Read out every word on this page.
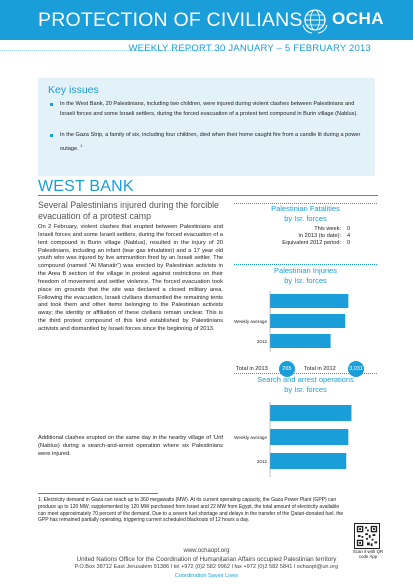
PROTECTION OF CIVILIANS OCHA
WEEKLY REPORT 30 JANUARY – 5 FEBRUARY 2013
Key issues
In the West Bank, 20 Palestinians, including two children, were injured during violent clashes between Palestinians and Israeli forces and some Israeli settlers, during the forced evacuation of a protest tent compound in Burin village (Nablus).
In the Gaza Strip, a family of six, including four children, died when their home caught fire from a candle lit during a power outage. $^1$
WEST BANK
Several Palestinians injured during the forcible evacuation of a protest camp
On 2 February, violent clashes that erupted between Palestinians and Israeli forces and some Israeli settlers, during the forced evacuation of a tent compound in Burin village (Nablus), resulted in the injury of 20 Palestinians, including an infant (tear gas inhalation) and a 17 year old youth who was injured by live ammunition fired by an Israeli settler. The compound (named “Al Manatir”) was erected by Palestinian activists in the Area B section of the village in protest against restrictions on their freedom of movement and settler violence. The forced evacuation took place on grounds that the site was declared a closed military area. Following the evacuation, Israeli civilians dismantled the remaining tents and took them and other items belonging to the Palestinian activists away; the identity or affiliation of these civilians remain unclear. This is the third protest compound of this kind established by Palestinians activists and dismantled by Israeli forces since the beginning of 2013.
Additional clashes erupted on the same day in the nearby village of ‘Urif (Nablus) during a search-and-arrest operation where six Palestinians were injured.
Palestinian Fatalities
by Isr. forces
This week: 0
In 2013 (to date): 4
Equivalent 2012 period: 0
Palestinian Injuries
by Isr. forces
Weekly average
2012
Total in 2013	265	Total in 2012 3,031
Search and arrest operations
by Isr. forces
Weekly average
2012
1. Electricity demand in Gaza can reach up to 360 megawatts (MW). At its current operating capacity, the Gaza Power Plant (GPP) can produce up to 120 MW; supplemented by 120 MW purchased from Israel and 22 MW from Egypt, the total amount of electricity available can meet approximately 70 percent of the demand. Due to a severe fuel shortage and delays in the transfer of the Qatari-donated fuel, the GPP has remained partially operating, triggering current scheduled blackouts of 12 hours a day.
Scan it with QR code App
www.ochaopt.org
United Nations Office for the Coordination of Humanitarian Affairs occupied Palestinian territory
P.O.Box 38712 East Jerusalem 91386 l tel +972 (0)2 582 9962 l fax +972 (0)2 582 5841 l ochaopt@un.org
Coordination Saves Lives
